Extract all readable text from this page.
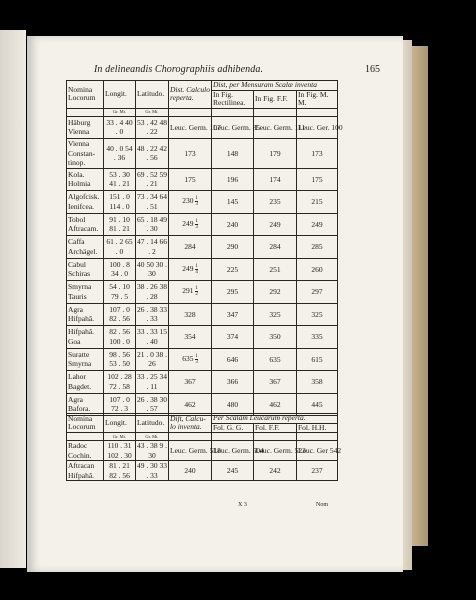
In delineandis Chorographiis adhibenda.	165
Nomina Locorum	Longit.	Latitudo.	Dist. Calculo reperta.	Dist, per Mensuram Scalæ inventa		
				In Fig. Rectilinea.	In Fig. F.F.	In Fig. M. M.
	Gr. Mi.	Gr. Mi.				
Häburg Vienna	33 . 4 40 . 0	53 . 42 48 . 22	Leuc. Germ. 107	Leuc. Germ. 85	Leuc. Germ. 111	Leuc. Ger. 100
Vienna Constan-tinop.	40 . 0 54 . 36	48 . 22 42 . 56	173	148	179	173
Kola. Holmia	53 . 30 41 . 21	69 . 52 59 . 21	175	196	174	175
Algofcisk. Ienifcea.	151 . 0 114 . 0	73 . 34 64 . 51	$230 \frac{1}{3}$	145	235	215
Tobol Aftracam.	91 . 10 81 . 21	65 . 18 49 . 30	$249 \frac{1}{3}$	240	249	249
Caffa Archägel.	61 . 2 65 . 0	47 . 14 66 . 2	284	290	284	285
Cabul Schiras	100 . 8 34 . 0	40 50 30 . 30	$249 \frac{1}{4}$	225	251	260
Smyrna Tauris	54 . 10 79 . 5	38 . 26 38 . 28	$291 \frac{1}{2}$	295	292	297
Agra Hifpahâ.	107 . 0 82 . 56	26 . 38 33 . 33	328	347	325	325
Hifpahâ. Goa	82 . 56 100 . 0	33 . 33 15 . 40	354	374	350	335
Suratte Smyrna	98 . 56 53 . 50	21 . 0 38 . 26	$635 \frac{1}{3}$	646	635	615
Lahor Bagdet.	102 . 28 72 . 58	33 . 25 34 . 11	367	366	367	358
Agra Bafora.	107 . 0 72 . 3	26 . 38 30 . 57	462	480	462	445
Nomina Locorum	Longit.	Latitudo.	Dift, Calcu-lo inventa.	Per Scalam Leucarum reperta.		
				Fol. G. G.	Fol. F.F.	Fol. H.H.
	Gr. Mi.	Gr. Mi.				
Radoc Cochin.	110 . 31 102 . 30	43 . 38 9 . 30	Leuc. Germ. 518	Leuc. Germ. 504	Leuc. Germ. 523	Leuc. Ger 542
Aftracan Hifpahâ.	81 . 21 82 . 56	49 . 30 33 . 33	240	245	242	237
X 3	Nom
